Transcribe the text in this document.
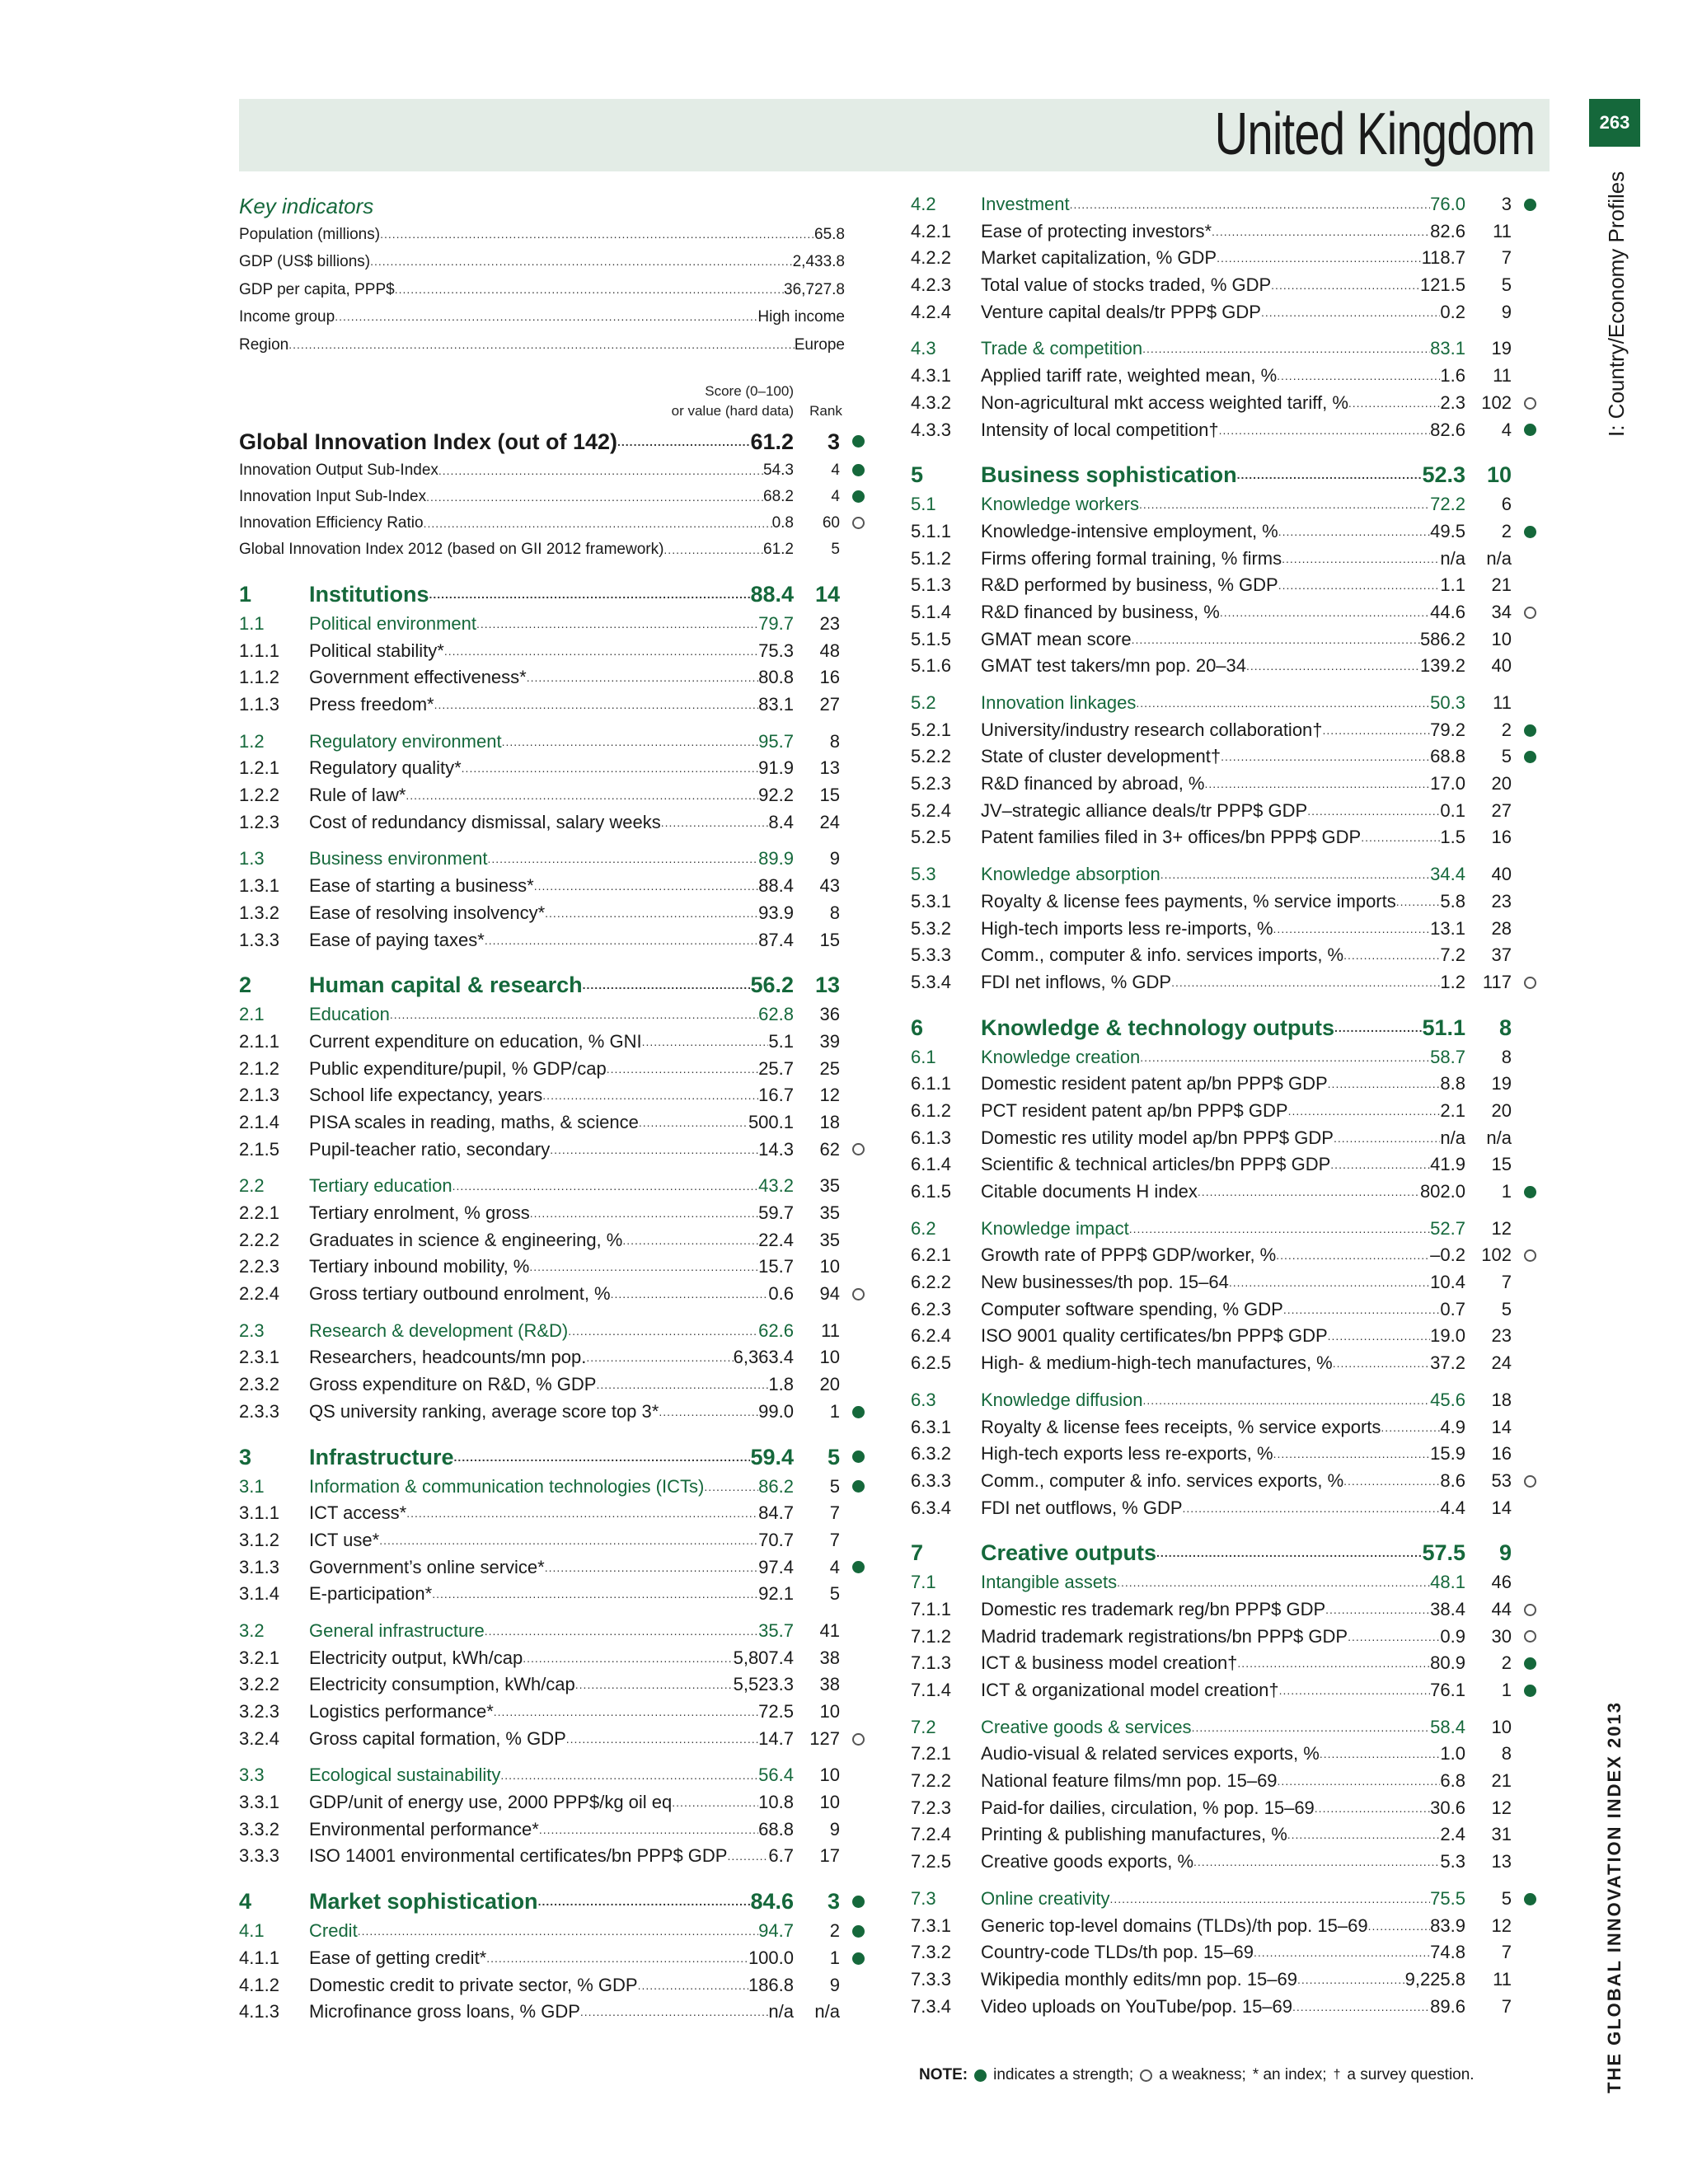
United Kingdom	263
I: Country/Economy Profiles
THE GLOBAL INNOVATION INDEX 2013
Key indicators
Population (millions) .....	65.8
GDP (US$ billions) .....	2,433.8
GDP per capita, PPP$ .....	36,727.8
Income group .....	High income
Region .....	Europe
Score (0–100)
or value (hard data) Rank
Global Innovation Index (out of 142) .....	61.2	3
Innovation Output Sub-Index .....	54.3	4
Innovation Input Sub-Index .....	68.2	4
Innovation Efficiency Ratio .....	0.8	60
Global Innovation Index 2012 (based on GII 2012 framework) .....	61.2	5
1	Institutions .....	88.4 14
1.1	Political environment .....	79.7	23
1.1.1	Political stability* .....	75.3	48
1.1.2	Government effectiveness* .....	80.8	16
1.1.3	Press freedom* .....	83.1	27
1.2	Regulatory environment .....	95.7	8
1.2.1	Regulatory quality* .....	91.9	13
1.2.2	Rule of law* .....	92.2	15
1.2.3	Cost of redundancy dismissal, salary weeks .....	8.4	24
1.3	Business environment .....	89.9	9
1.3.1	Ease of starting a business* .....	88.4	43
1.3.2	Ease of resolving insolvency* .....	93.9	8
1.3.3	Ease of paying taxes* .....	87.4	15
2	Human capital & research .....	56.2 13
2.1	Education .....	62.8	36
2.1.1	Current expenditure on education, % GNI .....	5.1	39
2.1.2	Public expenditure/pupil, % GDP/cap .....	25.7	25
2.1.3	School life expectancy, years .....	16.7	12
2.1.4	PISA scales in reading, maths, & science .....	500.1	18
2.1.5	Pupil-teacher ratio, secondary .....	14.3	62
2.2	Tertiary education .....	43.2	35
2.2.1	Tertiary enrolment, % gross .....	59.7	35
2.2.2	Graduates in science & engineering, % .....	22.4	35
2.2.3	Tertiary inbound mobility, % .....	15.7	10
2.2.4	Gross tertiary outbound enrolment, % .....	0.6	94
2.3	Research & development (R&D) .....	62.6	11
2.3.1	Researchers, headcounts/mn pop. .....	6,363.4	10
2.3.2	Gross expenditure on R&D, % GDP .....	1.8	20
2.3.3	QS university ranking, average score top 3* .....	99.0	1
3	Infrastructure .....	59.4	5
3.1	Information & communication technologies (ICTs) .....	86.2	5
3.1.1	ICT access* .....	84.7	7
3.1.2	ICT use* .....	70.7	7
3.1.3	Government’s online service* .....	97.4	4
3.1.4	E-participation* .....	92.1	5
3.2	General infrastructure .....	35.7	41
3.2.1	Electricity output, kWh/cap .....	5,807.4	38
3.2.2	Electricity consumption, kWh/cap .....	5,523.3	38
3.2.3	Logistics performance* .....	72.5	10
3.2.4	Gross capital formation, % GDP .....	14.7 127
3.3	Ecological sustainability .....	56.4	10
3.3.1	GDP/unit of energy use, 2000 PPP$/kg oil eq .....	10.8	10
3.3.2	Environmental performance* .....	68.8	9
3.3.3	ISO 14001 environmental certificates/bn PPP$ GDP ..... 6.7	17
4	Market sophistication .....	84.6	3
4.1	Credit .....	94.7	2
4.1.1	Ease of getting credit* .....	100.0	1
4.1.2	Domestic credit to private sector, % GDP .....	186.8	9
4.1.3	Microfinance gross loans, % GDP .....	n/a	n/a
4.2	Investment .....	76.0	3
4.2.1	Ease of protecting investors* .....	82.6	11
4.2.2	Market capitalization, % GDP .....	118.7	7
4.2.3	Total value of stocks traded, % GDP .....	121.5	5
4.2.4	Venture capital deals/tr PPP$ GDP .....	0.2	9
4.3	Trade & competition .....	83.1	19
4.3.1	Applied tariff rate, weighted mean, % .....	1.6	11
4.3.2	Non-agricultural mkt access weighted tariff, % .....	2.3 102
4.3.3	Intensity of local competition† .....	82.6	4
5	Business sophistication .....	52.3 10
5.1	Knowledge workers .....	72.2	6
5.1.1	Knowledge-intensive employment, % .....	49.5	2
5.1.2	Firms offering formal training, % firms .....	n/a	n/a
5.1.3	R&D performed by business, % GDP .....	1.1	21
5.1.4	R&D financed by business, % .....	44.6	34
5.1.5	GMAT mean score .....	586.2	10
5.1.6	GMAT test takers/mn pop. 20–34 .....	139.2	40
5.2	Innovation linkages .....	50.3	11
5.2.1	University/industry research collaboration† .....	79.2	2
5.2.2	State of cluster development† .....	68.8	5
5.2.3	R&D financed by abroad, % .....	17.0	20
5.2.4	JV–strategic alliance deals/tr PPP$ GDP .....	0.1	27
5.2.5	Patent families filed in 3+ offices/bn PPP$ GDP .....	1.5	16
5.3	Knowledge absorption .....	34.4	40
5.3.1	Royalty & license fees payments, % service imports ..... 5.8	23
5.3.2	High-tech imports less re-imports, % .....	13.1	28
5.3.3	Comm., computer & info. services imports, % .....	7.2	37
5.3.4	FDI net inflows, % GDP .....	1.2 117
6	Knowledge & technology outputs .....	51.1	8
6.1	Knowledge creation .....	58.7	8
6.1.1	Domestic resident patent ap/bn PPP$ GDP .....	8.8	19
6.1.2	PCT resident patent ap/bn PPP$ GDP .....	2.1	20
6.1.3	Domestic res utility model ap/bn PPP$ GDP .....	n/a	n/a
6.1.4	Scientific & technical articles/bn PPP$ GDP .....	41.9	15
6.1.5	Citable documents H index .....	802.0	1
6.2	Knowledge impact .....	52.7	12
6.2.1	Growth rate of PPP$ GDP/worker, % .....	–0.2 102
6.2.2	New businesses/th pop. 15–64 .....	10.4	7
6.2.3	Computer software spending, % GDP .....	0.7	5
6.2.4	ISO 9001 quality certificates/bn PPP$ GDP .....	19.0	23
6.2.5	High- & medium-high-tech manufactures, % .....	37.2	24
6.3	Knowledge diffusion .....	45.6	18
6.3.1	Royalty & license fees receipts, % service exports .....	4.9	14
6.3.2	High-tech exports less re-exports, % .....	15.9	16
6.3.3	Comm., computer & info. services exports, % .....	8.6	53
6.3.4	FDI net outflows, % GDP .....	4.4	14
7	Creative outputs .....	57.5	9
7.1	Intangible assets .....	48.1	46
7.1.1	Domestic res trademark reg/bn PPP$ GDP .....	38.4	44
7.1.2	Madrid trademark registrations/bn PPP$ GDP .....	0.9	30
7.1.3	ICT & business model creation† .....	80.9	2
7.1.4	ICT & organizational model creation† .....	76.1	1
7.2	Creative goods & services .....	58.4	10
7.2.1	Audio-visual & related services exports, % .....	1.0	8
7.2.2	National feature films/mn pop. 15–69 .....	6.8	21
7.2.3	Paid-for dailies, circulation, % pop. 15–69 .....	30.6	12
7.2.4	Printing & publishing manufactures, % .....	2.4	31
7.2.5	Creative goods exports, % .....	5.3	13
7.3	Online creativity .....	75.5	5
7.3.1	Generic top-level domains (TLDs)/th pop. 15–69 .....	83.9	12
7.3.2	Country-code TLDs/th pop. 15–69 .....	74.8	7
7.3.3	Wikipedia monthly edits/mn pop. 15–69 .....	9,225.8	11
7.3.4	Video uploads on YouTube/pop. 15–69 .....	89.6	7
NOTE: indicates a strength; a weakness; * an index; † a survey question.
